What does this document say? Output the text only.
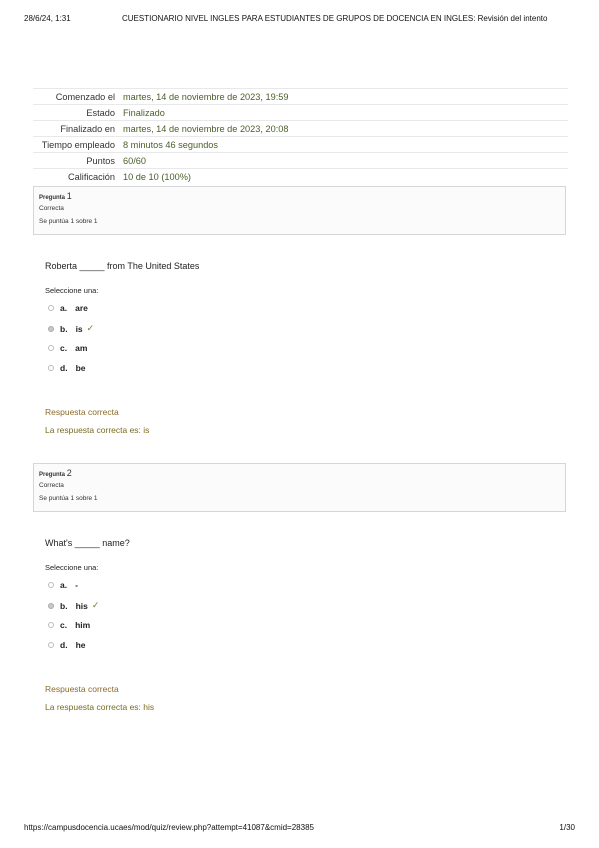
28/6/24, 1:31	CUESTIONARIO NIVEL INGLES PARA ESTUDIANTES DE GRUPOS DE DOCENCIA EN INGLES: Revisión del intento
Comenzado el	martes, 14 de noviembre de 2023, 19:59
Estado	Finalizado
Finalizado en	martes, 14 de noviembre de 2023, 20:08
Tiempo empleado	8 minutos 46 segundos
Puntos	60/60
Calificación	10 de 10 (100%)
Pregunta 1
Correcta
Se puntúa 1 sobre 1
Roberta _____ from The United States
Seleccione una:
a. are
b. is ✓
c. am
d. be
Respuesta correcta
La respuesta correcta es: is
Pregunta 2
Correcta
Se puntúa 1 sobre 1
What's _____ name?
Seleccione una:
a. -
b. his ✓
c. him
d. he
Respuesta correcta
La respuesta correcta es: his
https://campusdocencia.ucaes/mod/quiz/review.php?attempt=41087&cmid=28385	1/30
